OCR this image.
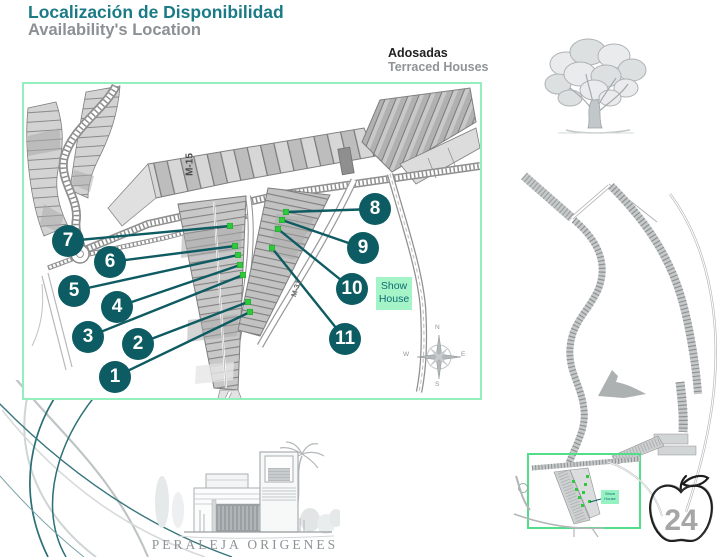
Localización de Disponibilidad
Availability's Location
Adosadas
Terraced Houses
1
2
3
4
5
6
7
8
9
10
11
Show
House
M-15
M-31
N
E
S
W
Show House
PERALEJA ORIGENES
24
